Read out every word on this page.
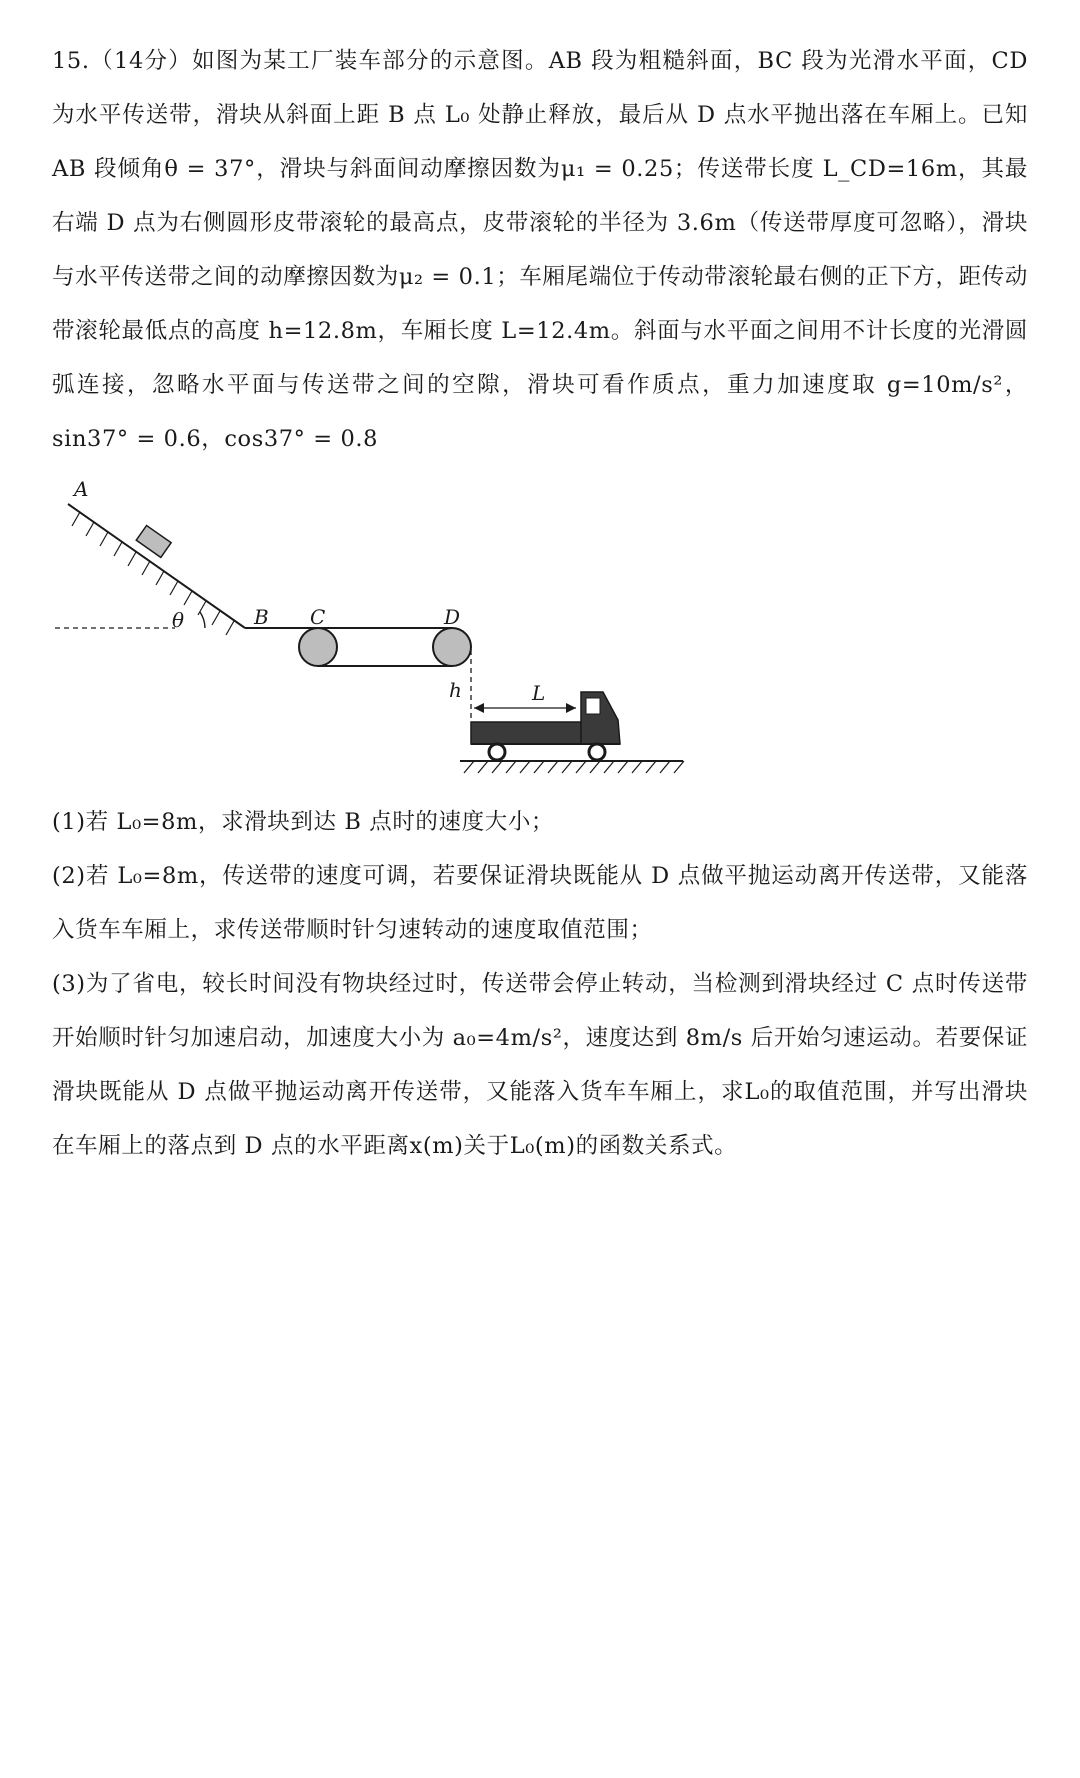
15.（14分）如图为某工厂装车部分的示意图。AB 段为粗糙斜面，BC 段为光滑水平面，CD 为水平传送带，滑块从斜面上距 B 点 L₀ 处静止释放，最后从 D 点水平抛出落在车厢上。已知 AB 段倾角θ = 37°，滑块与斜面间动摩擦因数为μ₁ = 0.25；传送带长度 L_CD=16m，其最右端 D 点为右侧圆形皮带滚轮的最高点，皮带滚轮的半径为 3.6m（传送带厚度可忽略），滑块与水平传送带之间的动摩擦因数为μ₂ = 0.1；车厢尾端位于传动带滚轮最右侧的正下方，距传动带滚轮最低点的高度 h=12.8m，车厢长度 L=12.4m。斜面与水平面之间用不计长度的光滑圆弧连接，忽略水平面与传送带之间的空隙，滑块可看作质点，重力加速度取 g=10m/s²，sin37° = 0.6，cos37° = 0.8
A
B C	D
θ
h	L
(1)若 L₀=8m，求滑块到达 B 点时的速度大小；
(2)若 L₀=8m，传送带的速度可调，若要保证滑块既能从 D 点做平抛运动离开传送带，又能落入货车车厢上，求传送带顺时针匀速转动的速度取值范围；
(3)为了省电，较长时间没有物块经过时，传送带会停止转动，当检测到滑块经过 C 点时传送带开始顺时针匀加速启动，加速度大小为 a₀=4m/s²，速度达到 8m/s 后开始匀速运动。若要保证滑块既能从 D 点做平抛运动离开传送带，又能落入货车车厢上，求L₀的取值范围，并写出滑块在车厢上的落点到 D 点的水平距离x(m)关于L₀(m)的函数关系式。
